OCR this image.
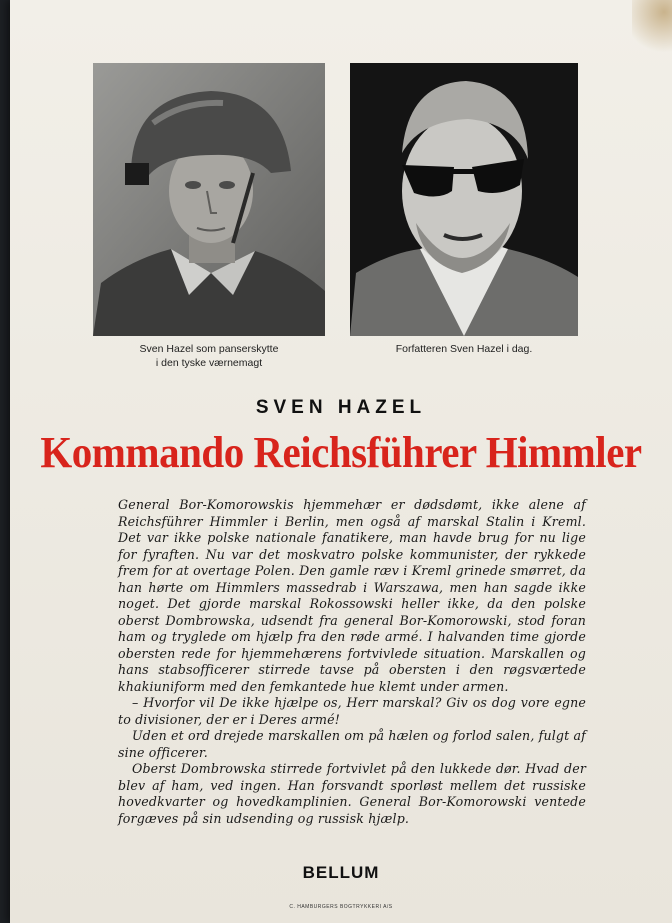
Sven Hazel som panserskytte
i den tyske værnemagt
Forfatteren Sven Hazel i dag.
SVEN HAZEL
Kommando Reichsführer Himmler

General Bor-Komorowskis hjemmehær er dødsdømt, ikke alene af Reichsführer Himmler i Berlin, men også af marskal Stalin i Kreml. Det var ikke polske nationale fanatikere, man havde brug for nu lige for fyraften. Nu var det moskvatro polske kommunister, der rykkede frem for at overtage Polen. Den gamle ræv i Kreml grinede smørret, da han hørte om Himmlers massedrab i Warszawa, men han sagde ikke noget. Det gjorde marskal Rokossowski heller ikke, da den polske oberst Dombrowska, udsendt fra general Bor-Komorowski, stod foran ham og tryglede om hjælp fra den røde armé. I halvanden time gjorde obersten rede for hjemmehærens fortvivlede situation. Marskallen og hans stabsofficerer stirrede tavse på obersten i den røgsværtede khakiuniform med den femkantede hue klemt under armen.

– Hvorfor vil De ikke hjælpe os, Herr marskal? Giv os dog vore egne to divisioner, der er i Deres armé!

Uden et ord drejede marskallen om på hælen og forlod salen, fulgt af sine officerer.

Oberst Dombrowska stirrede fortvivlet på den lukkede dør. Hvad der blev af ham, ved ingen. Han forsvandt sporløst mellem det russiske hovedkvarter og hovedkamplinien. General Bor-Komorowski ventede forgæves på sin udsending og russisk hjælp.

BELLUM
C. HAMBURGERS BOGTRYKKERI A/S
